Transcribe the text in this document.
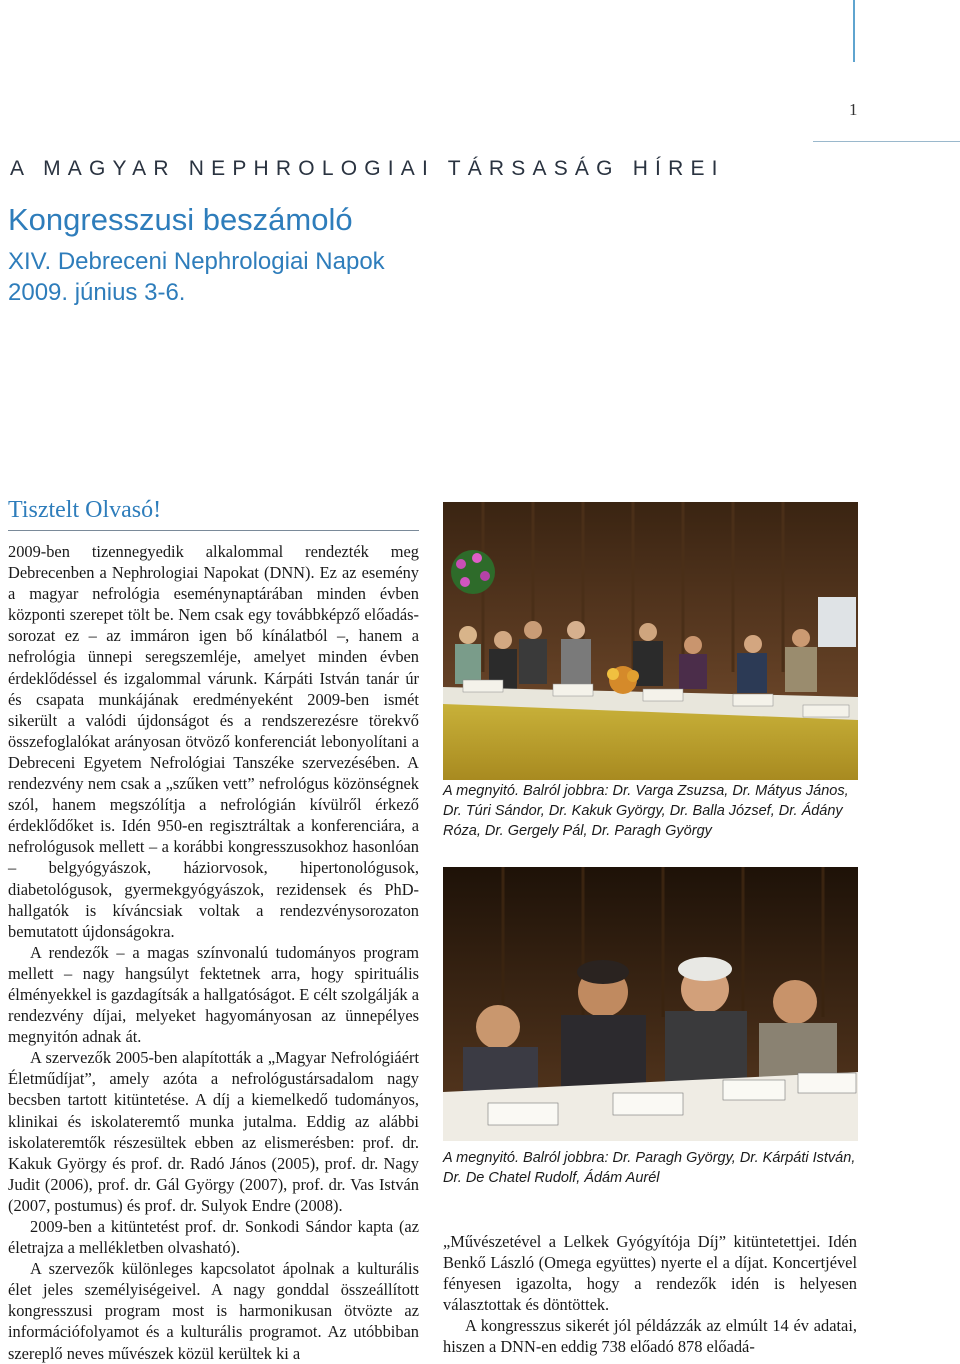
1
A MAGYAR NEPHROLOGIAI TÁRSASÁG HÍREI
Kongresszusi beszámoló
XIV. Debreceni Nephrologiai Napok
2009. június 3-6.
Tisztelt Olvasó!

2009-ben tizennegyedik alkalommal rendezték meg Debrecenben a Nephrologiai Napokat (DNN). Ez az esemény a magyar nefrológia eseménynaptárában minden évben központi szerepet tölt be. Nem csak egy továbbképző előadás-sorozat ez – az immáron igen bő kínálatból –, hanem a nefrológia ünnepi seregszemléje, amelyet minden évben érdeklődéssel és izgalommal várunk. Kárpáti István tanár úr és csapata munkájának eredményeként 2009-ben ismét sikerült a valódi újdonságot és a rendszerezésre törekvő összefoglalókat arányosan ötvöző konferenciát lebonyolítani a Debreceni Egyetem Nefrológiai Tanszéke szervezésében. A rendezvény nem csak a „szűken vett” nefrológus közönségnek szól, hanem megszólítja a nefrológián kívülről érkező érdeklődőket is. Idén 950-en regisztráltak a konferenciára, a nefrológusok mellett – a korábbi kongresszusokhoz hasonlóan – belgyógyászok, háziorvosok, hipertonológusok, diabetológusok, gyermekgyógyászok, rezidensek és PhD-hallgatók is kíváncsiak voltak a rendezvénysorozaton bemutatott újdonságokra.

A rendezők – a magas színvonalú tudományos program mellett – nagy hangsúlyt fektetnek arra, hogy spirituális élményekkel is gazdagítsák a hallgatóságot. E célt szolgálják a rendezvény díjai, melyeket hagyományosan az ünnepélyes megnyitón adnak át.

A szervezők 2005-ben alapították a „Magyar Nefrológiáért Életműdíjat”, amely azóta a nefrológustársadalom nagy becsben tartott kitüntetése. A díj a kiemelkedő tudományos, klinikai és iskolateremtő munka jutalma. Eddig az alábbi iskolateremtők részesültek ebben az elismerésben: prof. dr. Kakuk György és prof. dr. Radó János (2005), prof. dr. Nagy Judit (2006), prof. dr. Gál György (2007), prof. dr. Vas István (2007, postumus) és prof. dr. Sulyok Endre (2008).

2009-ben a kitüntetést prof. dr. Sonkodi Sándor kapta (az életrajza a mellékletben olvasható).

A szervezők különleges kapcsolatot ápolnak a kulturális élet jeles személyiségeivel. A nagy gonddal összeállított kongresszusi program most is harmonikusan ötvözte az információfolyamot és a kulturális programot. Az utóbbiban szereplő neves művészek közül kerültek ki a

A megnyitó. Balról jobbra: Dr. Varga Zsuzsa, Dr. Mátyus János, Dr. Túri Sándor, Dr. Kakuk György, Dr. Balla József, Dr. Ádány Róza, Dr. Gergely Pál, Dr. Paragh György
A megnyitó. Balról jobbra: Dr. Paragh György, Dr. Kárpáti István, Dr. De Chatel Rudolf, Ádám Aurél

„Művészetével a Lelkek Gyógyítója Díj” kitüntetettjei. Idén Benkő László (Omega együttes) nyerte el a díjat. Koncertjével fényesen igazolta, hogy a rendezők idén is helyesen választottak és döntöttek.

A kongresszus sikerét jól példázzák az elmúlt 14 év adatai, hiszen a DNN-en eddig 738 előadó 878 előadá-
